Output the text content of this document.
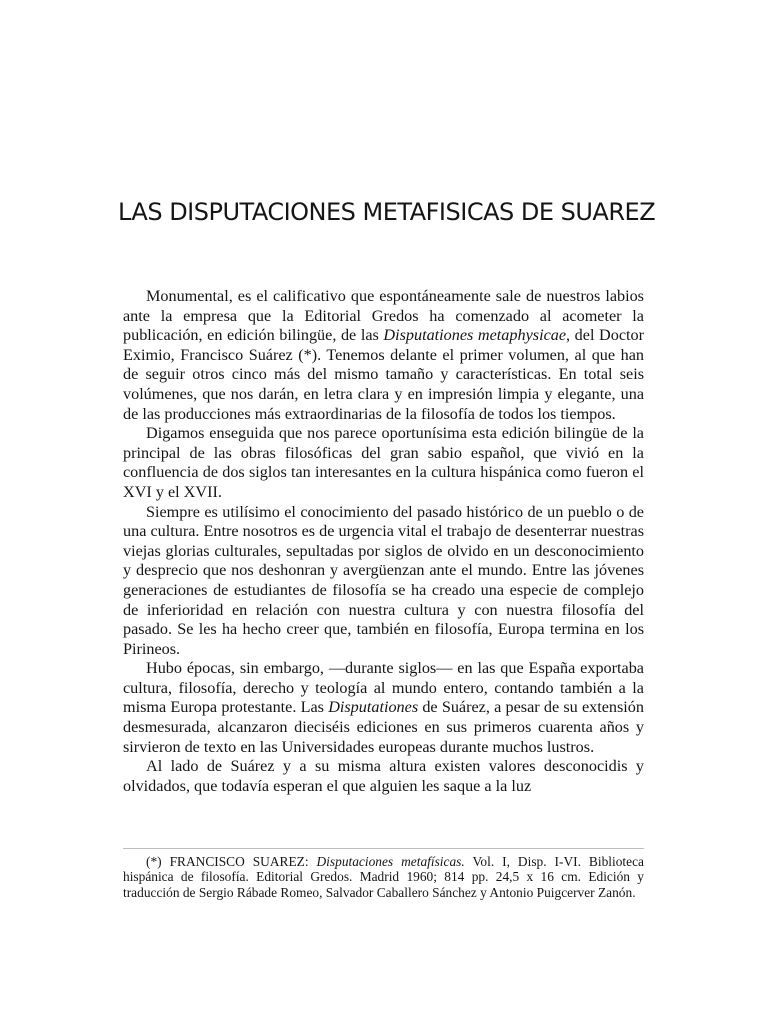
LAS DISPUTACIONES METAFISICAS DE SUAREZ

Monumental, es el calificativo que espontáneamente sale de nuestros labios ante la empresa que la Editorial Gredos ha comenzado al acometer la publicación, en edición bilingüe, de las Disputationes metaphysicae, del Doctor Eximio, Francisco Suárez (*). Tenemos delante el primer volumen, al que han de seguir otros cinco más del mismo tamaño y características. En total seis volúmenes, que nos darán, en letra clara y en impresión limpia y elegante, una de las producciones más extraordinarias de la filosofía de todos los tiempos.

Digamos enseguida que nos parece oportunísima esta edición bilingüe de la principal de las obras filosóficas del gran sabio español, que vivió en la confluencia de dos siglos tan interesantes en la cultura hispánica como fueron el XVI y el XVII.

Siempre es utilísimo el conocimiento del pasado histórico de un pueblo o de una cultura. Entre nosotros es de urgencia vital el trabajo de desenterrar nuestras viejas glorias culturales, sepultadas por siglos de olvido en un desconocimiento y desprecio que nos deshonran y avergüenzan ante el mundo. Entre las jóvenes generaciones de estudiantes de filosofía se ha creado una especie de complejo de inferioridad en relación con nuestra cultura y con nuestra filosofía del pasado. Se les ha hecho creer que, también en filosofía, Europa termina en los Pirineos.

Hubo épocas, sin embargo, —durante siglos— en las que España exportaba cultura, filosofía, derecho y teología al mundo entero, contando también a la misma Europa protestante. Las Disputationes de Suárez, a pesar de su extensión desmesurada, alcanzaron dieciséis ediciones en sus primeros cuarenta años y sirvieron de texto en las Universidades europeas durante muchos lustros.

Al lado de Suárez y a su misma altura existen valores desconocidis y olvidados, que todavía esperan el que alguien les saque a la luz

(*) FRANCISCO SUAREZ: Disputaciones metafísicas. Vol. I, Disp. I-VI. Biblioteca hispánica de filosofía. Editorial Gredos. Madrid 1960; 814 pp. 24,5 x 16 cm. Edición y traducción de Sergio Rábade Romeo, Salvador Caballero Sánchez y Antonio Puigcerver Zanón.
